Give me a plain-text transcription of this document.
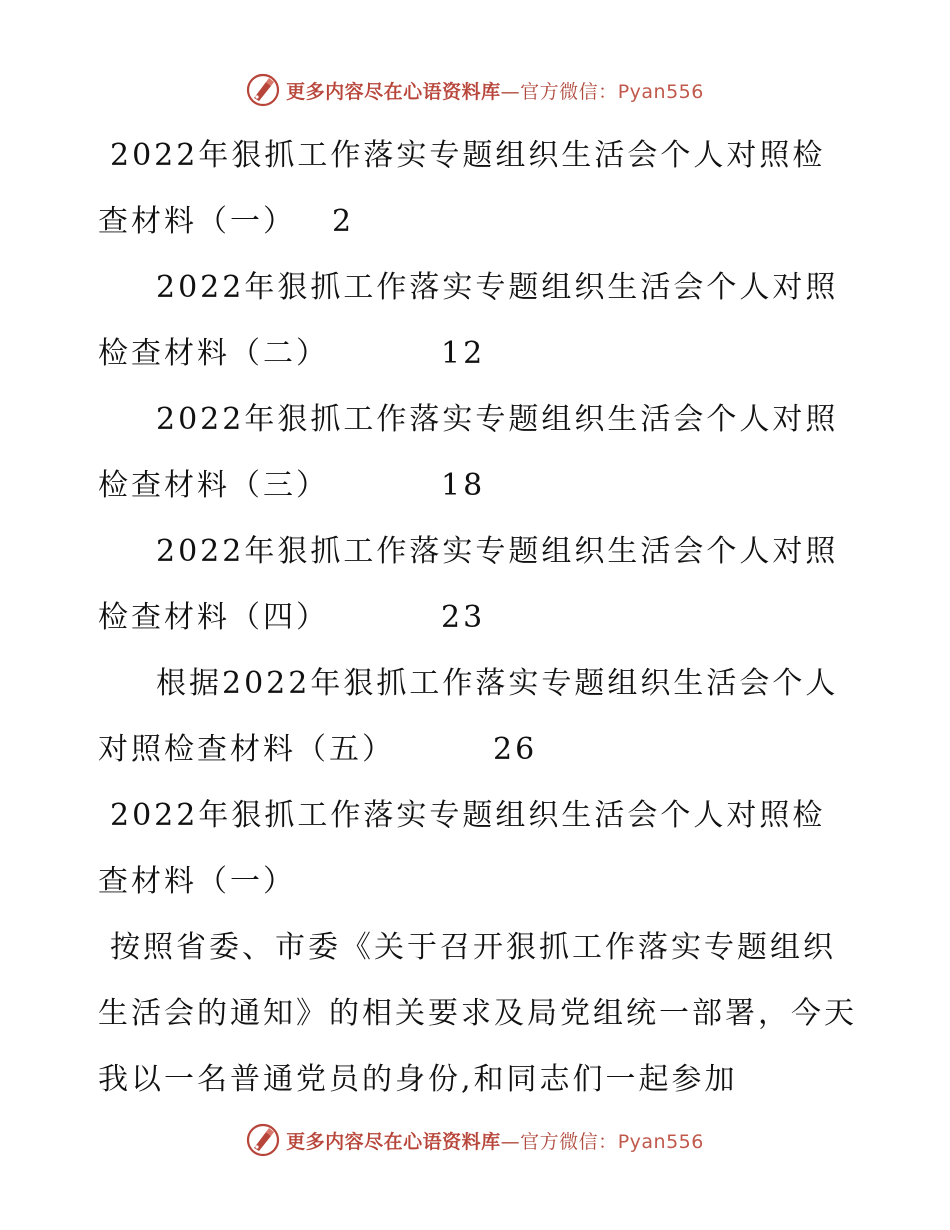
更多内容尽在心语资料库—官方微信：Pyan556

2022年狠抓工作落实专题组织生活会个人对照检查材料（一） 2

2022年狠抓工作落实专题组织生活会个人对照检查材料（二）	12

2022年狠抓工作落实专题组织生活会个人对照检查材料（三）	18

2022年狠抓工作落实专题组织生活会个人对照检查材料（四）	23

根据2022年狠抓工作落实专题组织生活会个人对照检查材料（五）	26

2022年狠抓工作落实专题组织生活会个人对照检查材料（一）

按照省委、市委《关于召开狠抓工作落实专题组织生活会的通知》的相关要求及局党组统一部署，今天我以一名普通党员的身份,和同志们一起参加

更多内容尽在心语资料库—官方微信：Pyan556
